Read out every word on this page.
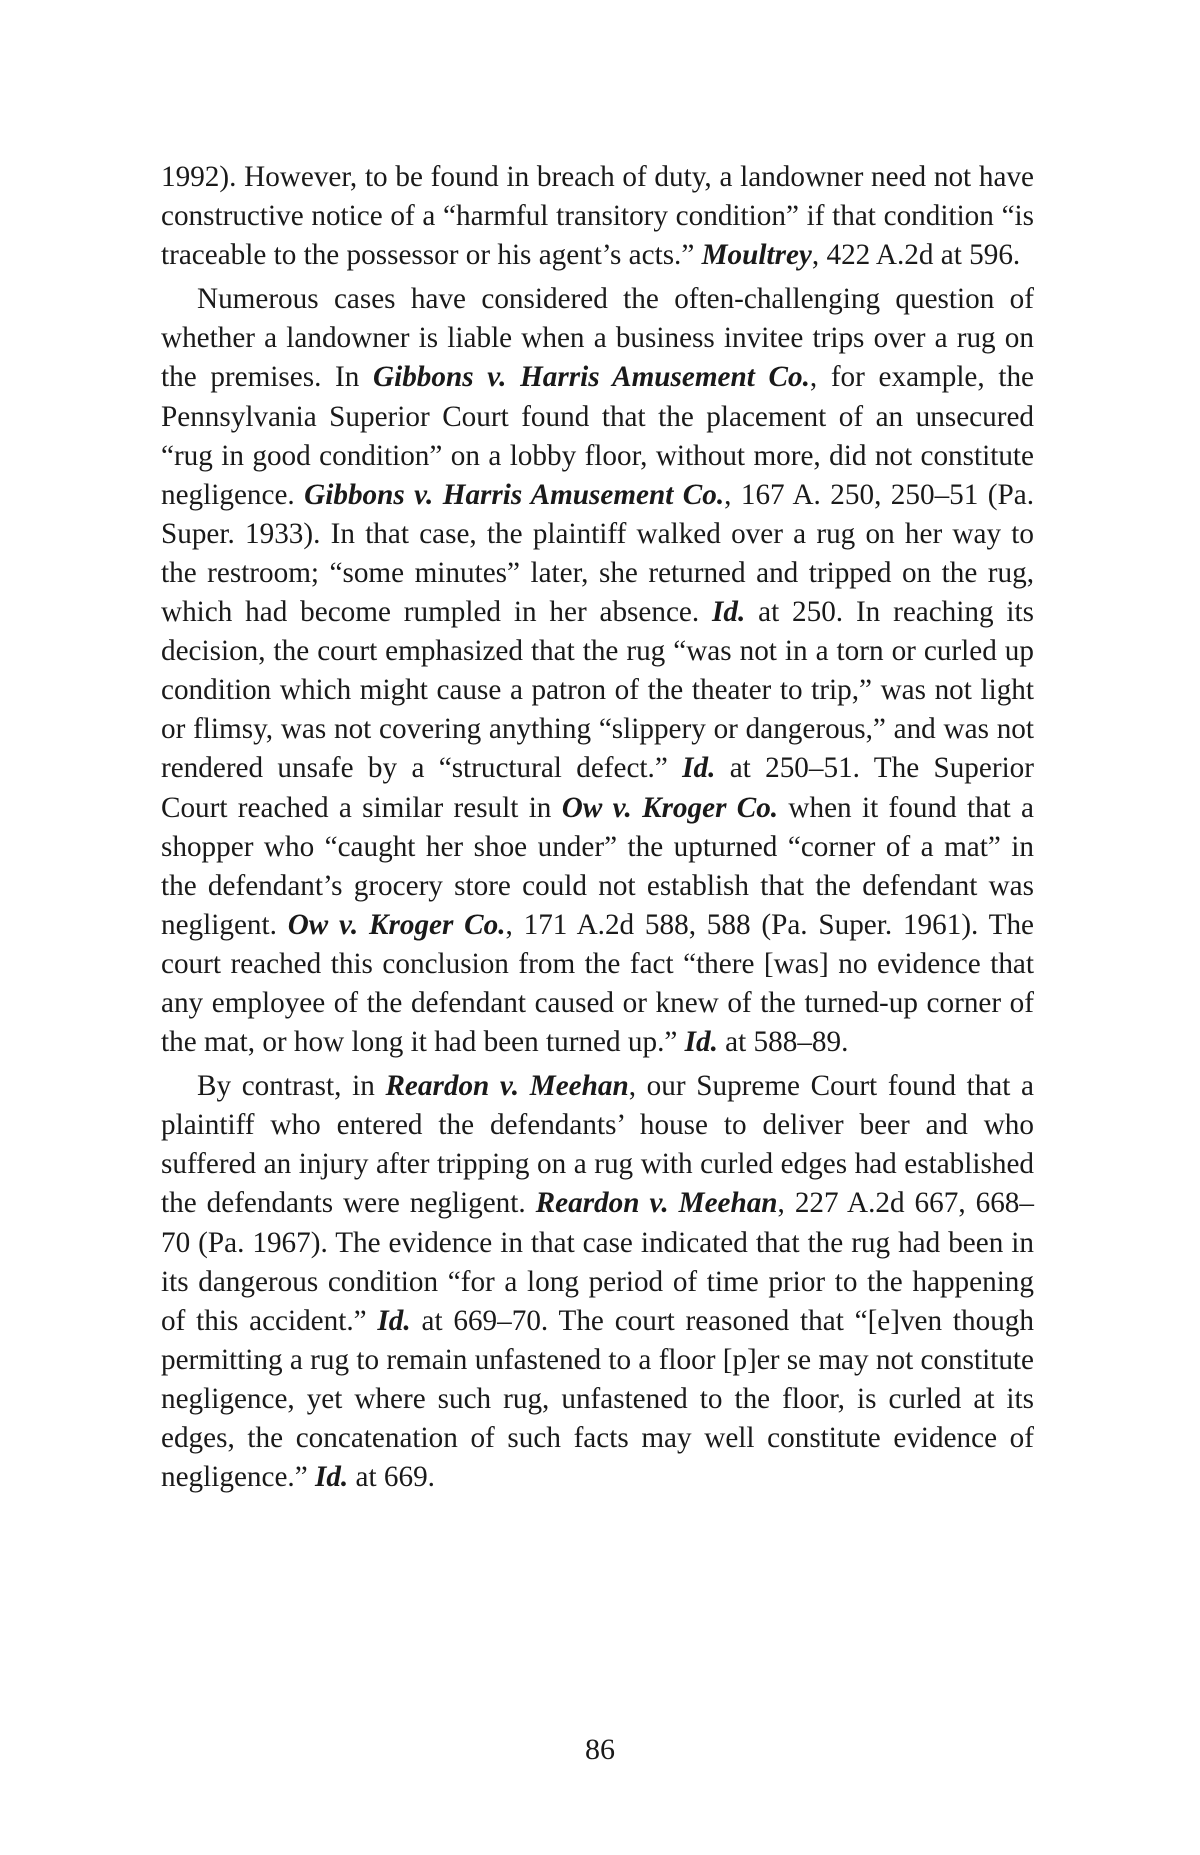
1992). However, to be found in breach of duty, a landowner need not have constructive notice of a “harmful transitory condition” if that condition “is traceable to the possessor or his agent’s acts.” Moultrey, 422 A.2d at 596.

Numerous cases have considered the often-challenging question of whether a landowner is liable when a business invitee trips over a rug on the premises. In Gibbons v. Harris Amusement Co., for example, the Pennsylvania Superior Court found that the placement of an unsecured “rug in good condition” on a lobby floor, without more, did not constitute negligence. Gibbons v. Harris Amusement Co., 167 A. 250, 250–51 (Pa. Super. 1933). In that case, the plaintiff walked over a rug on her way to the restroom; “some minutes” later, she returned and tripped on the rug, which had become rumpled in her absence. Id. at 250. In reaching its decision, the court emphasized that the rug “was not in a torn or curled up condition which might cause a patron of the theater to trip,” was not light or flimsy, was not covering anything “slippery or dangerous,” and was not rendered unsafe by a “structural defect.” Id. at 250–51. The Superior Court reached a similar result in Ow v. Kroger Co. when it found that a shopper who “caught her shoe under” the upturned “corner of a mat” in the defendant’s grocery store could not establish that the defendant was negligent. Ow v. Kroger Co., 171 A.2d 588, 588 (Pa. Super. 1961). The court reached this conclusion from the fact “there [was] no evidence that any employee of the defendant caused or knew of the turned-up corner of the mat, or how long it had been turned up.” Id. at 588–89.

By contrast, in Reardon v. Meehan, our Supreme Court found that a plaintiff who entered the defendants’ house to deliver beer and who suffered an injury after tripping on a rug with curled edges had established the defendants were negligent. Reardon v. Meehan, 227 A.2d 667, 668–70 (Pa. 1967). The evidence in that case indicated that the rug had been in its dangerous condition “for a long period of time prior to the happening of this accident.” Id. at 669–70. The court reasoned that “[e]ven though permitting a rug to remain unfastened to a floor [p]er se may not constitute negligence, yet where such rug, unfastened to the floor, is curled at its edges, the concatenation of such facts may well constitute evidence of negligence.” Id. at 669.

86
